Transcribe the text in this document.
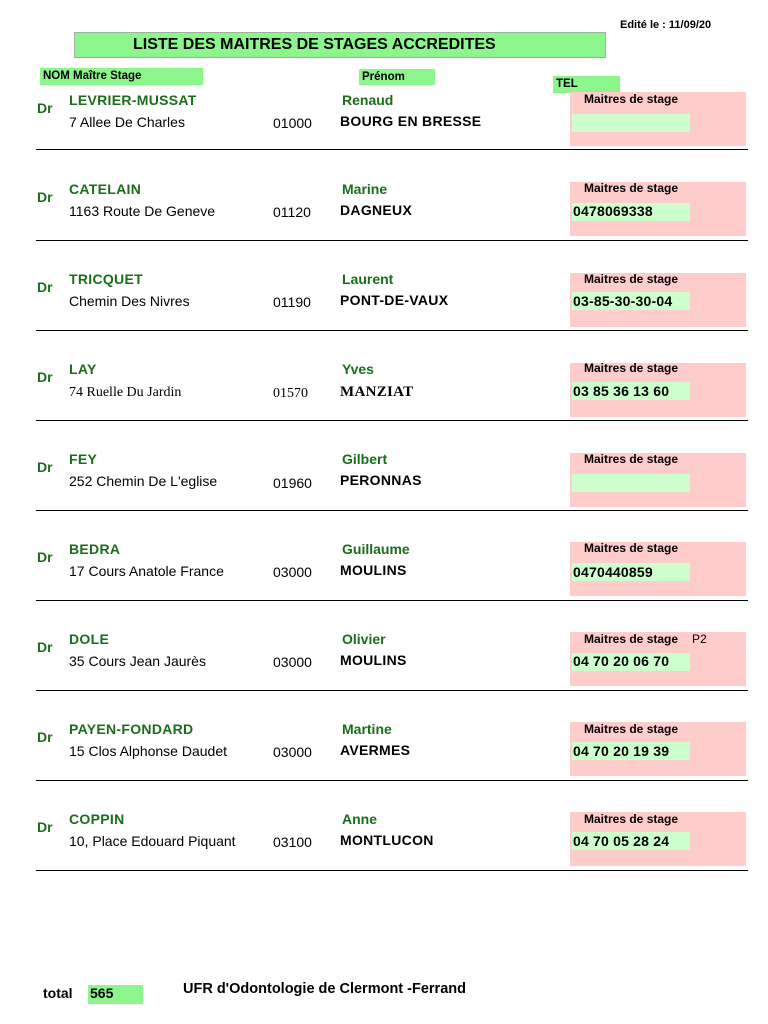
Edité le : 11/09/20
LISTE DES MAITRES DE STAGES ACCREDITES
NOM Maître Stage	Prénom
TEL
Dr LEVRIER-MUSSAT
7 Allee De Charles	01000
Renaud
BOURG EN BRESSE
Maitres de stage
Dr CATELAIN
1163 Route De Geneve	01120
Marine
DAGNEUX
Maitres de stage
0478069338
Dr TRICQUET
Chemin Des Nivres	01190
Laurent
PONT-DE-VAUX
Maitres de stage
03-85-30-30-04
Dr LAY
74 Ruelle Du Jardin	01570
Yves
MANZIAT
Maitres de stage
03 85 36 13 60
Dr FEY
252 Chemin De L'eglise	01960
Gilbert
PERONNAS
Maitres de stage
Dr BEDRA
17 Cours Anatole France	03000
Guillaume
MOULINS
Maitres de stage
0470440859
Dr DOLE
35 Cours Jean Jaurès	03000
Olivier
MOULINS
Maitres de stage P2
04 70 20 06 70
Dr PAYEN-FONDARD
15 Clos Alphonse Daudet	03000
Martine
AVERMES
Maitres de stage
04 70 20 19 39
Dr COPPIN
10, Place Edouard Piquant	03100
Anne
MONTLUCON
Maitres de stage
04 70 05 28 24
total 565	UFR d'Odontologie de Clermont -Ferrand
